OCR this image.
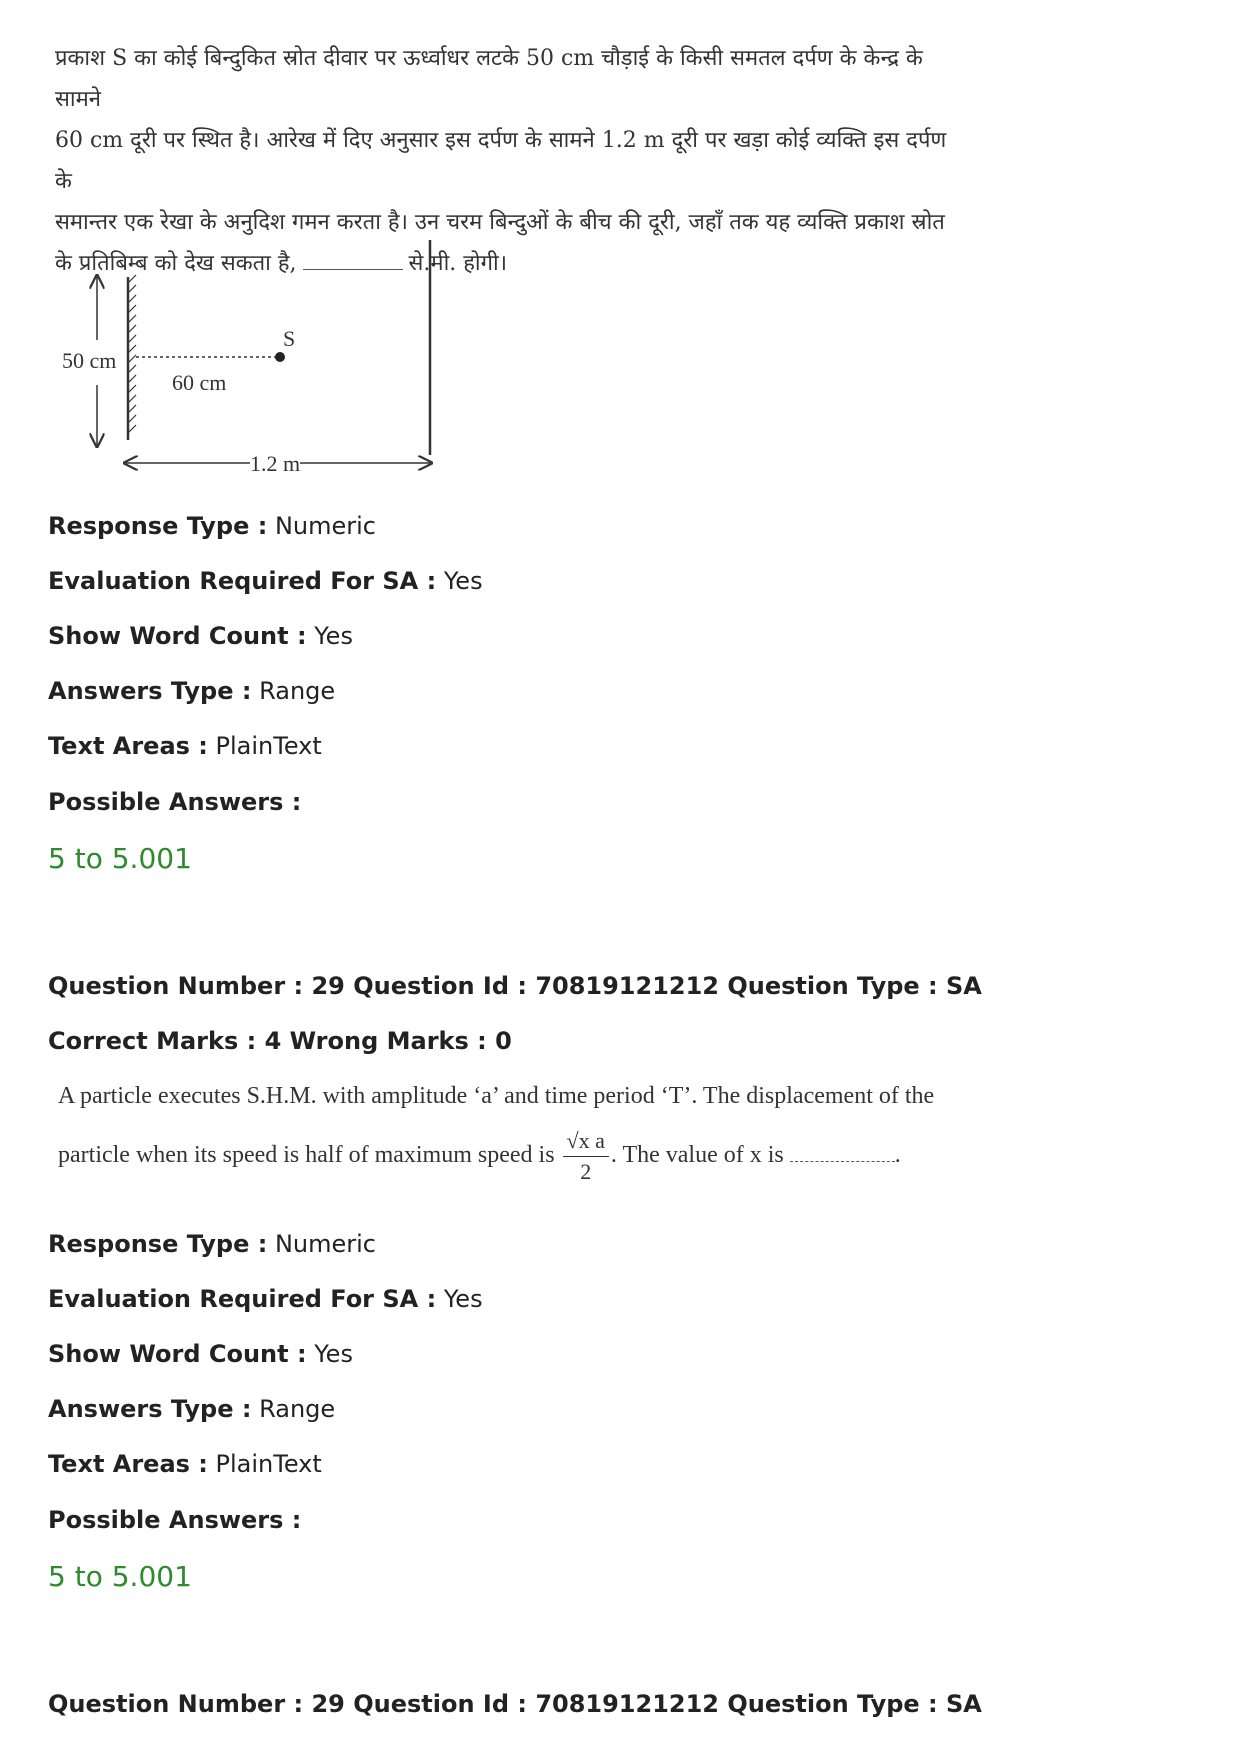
प्रकाश S का कोई बिन्दुकित स्रोत दीवार पर ऊर्ध्वाधर लटके 50 cm चौड़ाई के किसी समतल दर्पण के केन्द्र के सामने
60 cm दूरी पर स्थित है। आरेख में दिए अनुसार इस दर्पण के सामने 1.2 m दूरी पर खड़ा कोई व्यक्ति इस दर्पण के
समान्तर एक रेखा के अनुदिश गमन करता है। उन चरम बिन्दुओं के बीच की दूरी, जहाँ तक यह व्यक्ति प्रकाश स्रोत
के प्रतिबिम्ब को देख सकता है,	से.मी. होगी।
50 cm
S
60 cm
1.2 m
Response Type : Numeric
Evaluation Required For SA : Yes
Show Word Count : Yes
Answers Type : Range
Text Areas : PlainText
Possible Answers :
5 to 5.001
Question Number : 29 Question Id : 70819121212 Question Type : SA
Correct Marks : 4 Wrong Marks : 0
A particle executes S.H.M. with amplitude ‘a’ and time period ‘T’. The displacement of the
particle when its speed is half of maximum speed is $\frac{\text{√x a}}{2}$ . The value of x is	.
Response Type : Numeric
Evaluation Required For SA : Yes
Show Word Count : Yes
Answers Type : Range
Text Areas : PlainText
Possible Answers :
5 to 5.001
Question Number : 29 Question Id : 70819121212 Question Type : SA
